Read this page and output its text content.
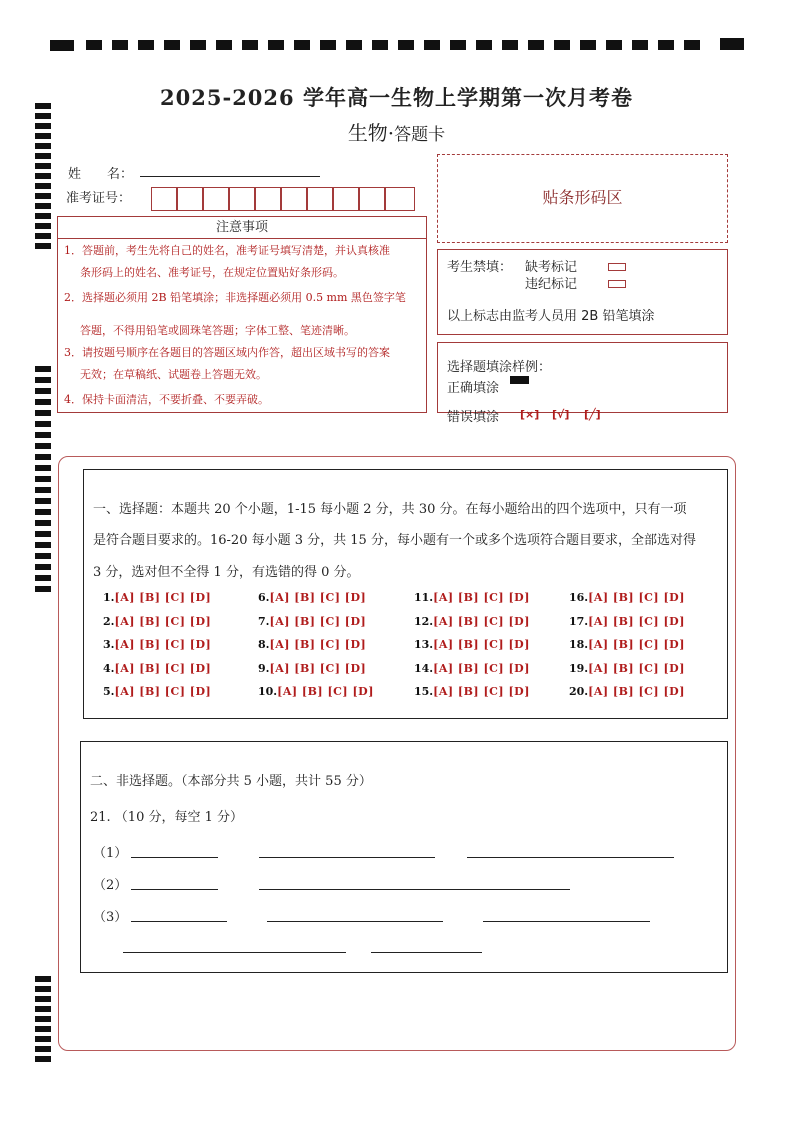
2025-2026 学年高一生物上学期第一次月考卷
生物·答题卡
姓　　名：
准考证号：	贴条形码区
注意事项
1．答题前，考生先将自己的姓名，准考证号填写清楚，并认真核准
条形码上的姓名、准考证号，在规定位置贴好条形码。
2．选择题必须用 2B 铅笔填涂；非选择题必须用 0.5 mm 黑色签字笔
答题，不得用铅笔或圆珠笔答题；字体工整、笔迹清晰。
3．请按题号顺序在各题目的答题区域内作答，超出区域书写的答案
无效；在草稿纸、试题卷上答题无效。
4．保持卡面清洁，不要折叠、不要弄破。
考生禁填： 缺考标记
违纪标记
以上标志由监考人员用 2B 铅笔填涂
选择题填涂样例：
正确填涂
错误填涂 [×] [√] [╱]
一、选择题：本题共 20 个小题，1-15 每小题 2 分，共 30 分。在每小题给出的四个选项中，只有一项
是符合题目要求的。16-20 每小题 3 分，共 15 分，每小题有一个或多个选项符合题目要求，全部选对得
3 分，选对但不全得 1 分，有选错的得 0 分。
1.[A] [B] [C] [D]
2.[A] [B] [C] [D]
3.[A] [B] [C] [D]
4.[A] [B] [C] [D]
5.[A] [B] [C] [D]
6.[A] [B] [C] [D]
7.[A] [B] [C] [D]
8.[A] [B] [C] [D]
9.[A] [B] [C] [D]
10.[A] [B] [C] [D]
11.[A] [B] [C] [D]
12.[A] [B] [C] [D]
13.[A] [B] [C] [D]
14.[A] [B] [C] [D]
15.[A] [B] [C] [D]
16.[A] [B] [C] [D]
17.[A] [B] [C] [D]
18.[A] [B] [C] [D]
19.[A] [B] [C] [D]
20.[A] [B] [C] [D]
二、非选择题。（本部分共 5 小题，共计 55 分）
21. （10 分，每空 1 分）
（1）
（2）
（3）
